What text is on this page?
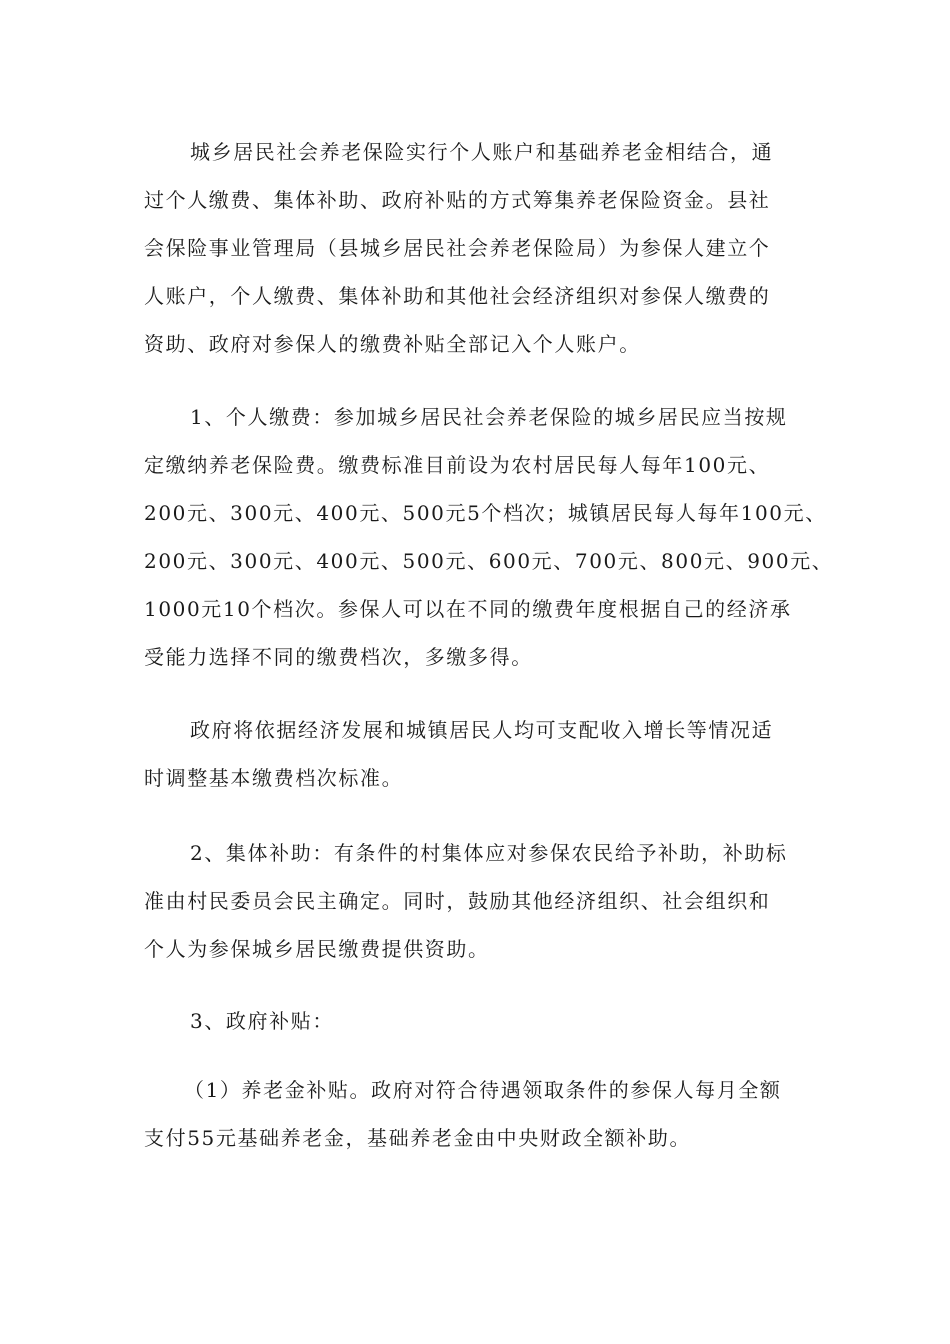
城乡居民社会养老保险实行个人账户和基础养老金相结合，通
过个人缴费、集体补助、政府补贴的方式筹集养老保险资金。县社
会保险事业管理局（县城乡居民社会养老保险局）为参保人建立个
人账户，个人缴费、集体补助和其他社会经济组织对参保人缴费的
资助、政府对参保人的缴费补贴全部记入个人账户。
1、个人缴费：参加城乡居民社会养老保险的城乡居民应当按规
定缴纳养老保险费。缴费标准目前设为农村居民每人每年100元、
200元、300元、400元、500元5个档次；城镇居民每人每年100元、
200元、300元、400元、500元、600元、700元、800元、900元、
1000元10个档次。参保人可以在不同的缴费年度根据自己的经济承
受能力选择不同的缴费档次，多缴多得。
政府将依据经济发展和城镇居民人均可支配收入增长等情况适
时调整基本缴费档次标准。
2、集体补助：有条件的村集体应对参保农民给予补助，补助标
准由村民委员会民主确定。同时，鼓励其他经济组织、社会组织和
个人为参保城乡居民缴费提供资助。
3、政府补贴：
（1）养老金补贴。政府对符合待遇领取条件的参保人每月全额
支付55元基础养老金，基础养老金由中央财政全额补助。
